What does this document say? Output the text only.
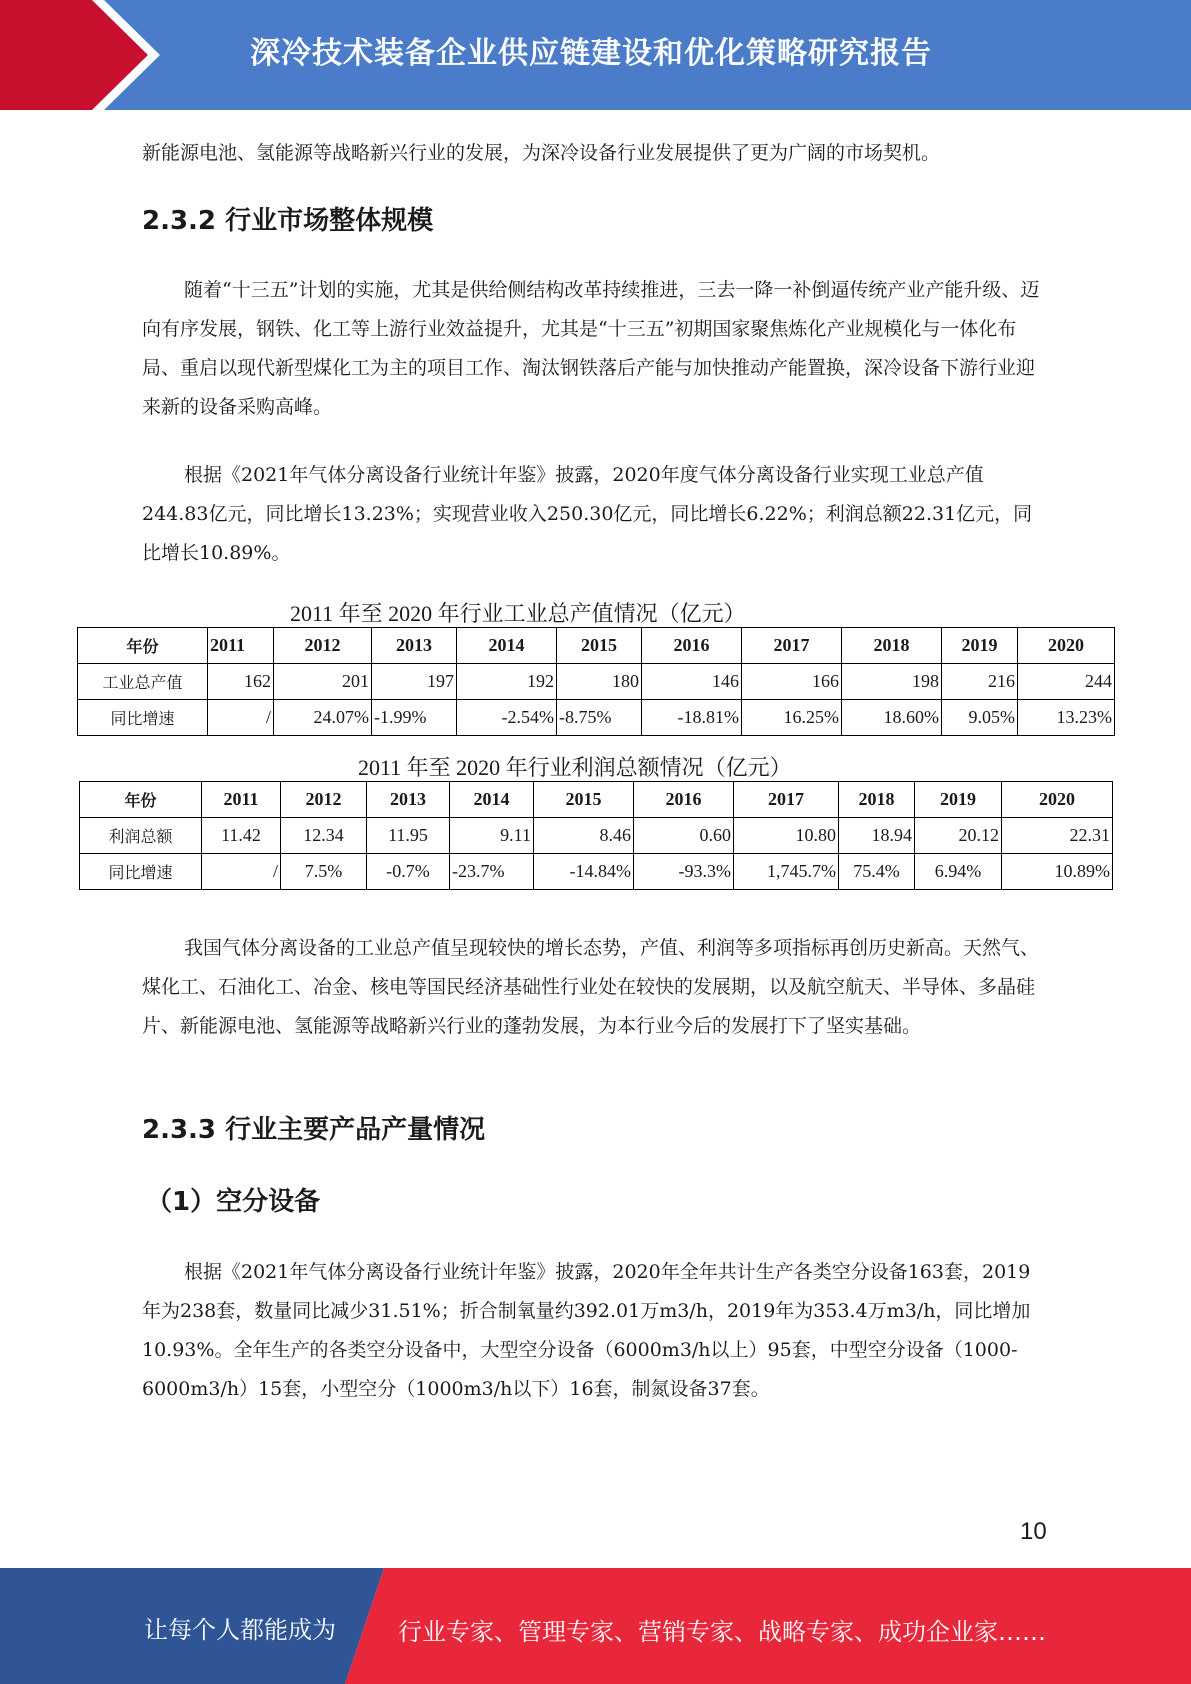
深冷技术装备企业供应链建设和优化策略研究报告

新能源电池、氢能源等战略新兴行业的发展，为深冷设备行业发展提供了更为广阔的市场契机。

2.3.2 行业市场整体规模

随着“十三五”计划的实施，尤其是供给侧结构改革持续推进，三去一降一补倒逼传统产业产能升级、迈向有序发展，钢铁、化工等上游行业效益提升，尤其是“十三五”初期国家聚焦炼化产业规模化与一体化布局、重启以现代新型煤化工为主的项目工作、淘汰钢铁落后产能与加快推动产能置换，深冷设备下游行业迎来新的设备采购高峰。

根据《2021年气体分离设备行业统计年鉴》披露，2020年度气体分离设备行业实现工业总产值244.83亿元，同比增长13.23%；实现营业收入250.30亿元，同比增长6.22%；利润总额22.31亿元，同比增长10.89%。

2011 年至 2020 年行业工业总产值情况（亿元）
年份	2011	2012	2013	2014	2015	2016	2017	2018	2019	2020
工业总产值	162	201	197	192	180	146	166	198	216	244
同比增速	/	24.07%	-1.99%	-2.54%	-8.75%	-18.81%	16.25%	18.60%	9.05%	13.23%
2011 年至 2020 年行业利润总额情况（亿元）
年份	2011	2012	2013	2014	2015	2016	2017	2018	2019	2020
利润总额	11.42	12.34	11.95	9.11	8.46	0.60	10.80	18.94	20.12	22.31
同比增速	/	7.5%	-0.7%	-23.7%	-14.84%	-93.3%	1,745.7%	75.4%	6.94%	10.89%

我国气体分离设备的工业总产值呈现较快的增长态势，产值、利润等多项指标再创历史新高。天然气、煤化工、石油化工、冶金、核电等国民经济基础性行业处在较快的发展期，以及航空航天、半导体、多晶硅片、新能源电池、氢能源等战略新兴行业的蓬勃发展，为本行业今后的发展打下了坚实基础。

2.3.3 行业主要产品产量情况
（1）空分设备

根据《2021年气体分离设备行业统计年鉴》披露，2020年全年共计生产各类空分设备163套，2019年为238套，数量同比减少31.51%；折合制氧量约392.01万m3/h，2019年为353.4万m3/h，同比增加10.93%。全年生产的各类空分设备中，大型空分设备（6000m3/h以上）95套，中型空分设备（1000-6000m3/h）15套，小型空分（1000m3/h以下）16套，制氮设备37套。

10
让每个人都能成为	行业专家、管理专家、营销专家、战略专家、成功企业家……
